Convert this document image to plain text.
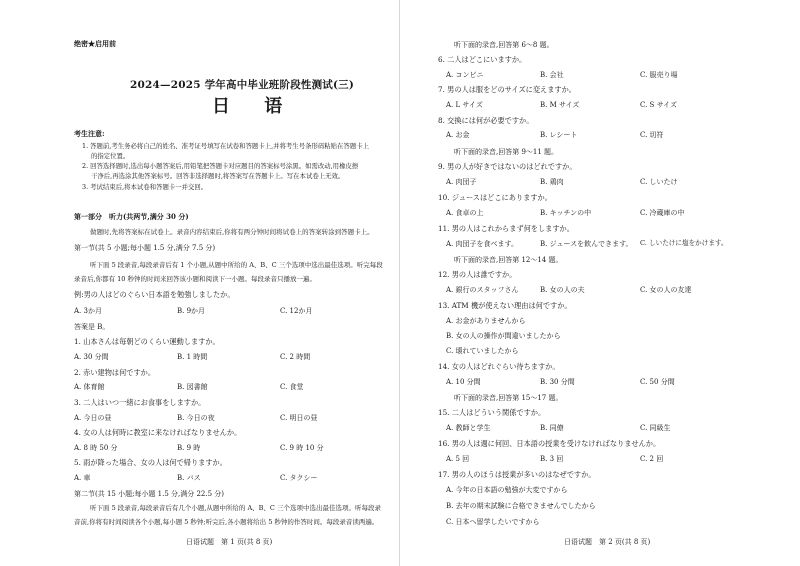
绝密★启用前
2024—2025 学年高中毕业班阶段性测试(三)
日 语
考生注意:
1. 答题前,考生务必将自己的姓名、准考证号填写在试卷和答题卡上,并将考生号条形码粘贴在答题卡上
的指定位置。
2. 回答选择题时,选出每小题答案后,用铅笔把答题卡对应题目的答案标号涂黑。如需改动,用橡皮擦
干净后,再选涂其他答案标号。回答非选择题时,将答案写在答题卡上。写在本试卷上无效。
3. 考试结束后,将本试卷和答题卡一并交回。
第一部分　听力(共两节,满分 30 分)
做题时,先将答案标在试卷上。录音内容结束后,你将有两分钟时间将试卷上的答案转涂到答题卡上。
第一节(共 5 小题;每小题 1.5 分,满分 7.5 分)
听下面 5 段录音,每段录音后有 1 个小题,从题中所给的 A、B、C 三个选项中选出最佳选项。听完每段
录音后,你都有 10 秒钟的时间来回答该小题和阅读下一小题。每段录音只播放一遍。
例:男の人はどのぐらい日本語を勉強しましたか。
A. 3か月	B. 9か月	C. 12か月
答案是 B。
1. 山本さんは毎朝どのくらい運動しますか。
A. 30 分間	B. 1 時間	C. 2 時間
2. 赤い建物は何ですか。
A. 体育館	B. 図書館	C. 食堂
3. 二人はいつ一緒にお食事をしますか。
A. 今日の昼	B. 今日の夜	C. 明日の昼
4. 女の人は何時に教室に来なければなりませんか。
A. 8 時 50 分	B. 9 時	C. 9 時 10 分
5. 雨が降った場合、女の人は何で帰りますか。
A. 車	B. バス	C. タクシー
第二节(共 15 小题;每小题 1.5 分,满分 22.5 分)
听下面 5 段录音,每段录音后有几个小题,从题中所给的 A、B、C 三个选项中选出最佳选项。听每段录
音前,你将有时间阅读各个小题,每小题 5 秒钟;听完后,各小题将给出 5 秒钟的作答时间。每段录音读两遍。
日语试题　第 1 页(共 8 页)
听下面的录音,回答第 6～8 题。
6. 二人はどこにいますか。
A. コンビニ	B. 会社	C. 服売り場
7. 男の人は服をどのサイズに変えますか。
A. L サイズ	B. M サイズ	C. S サイズ
8. 交換には何が必要ですか。
A. お金	B. レシート	C. 切符
听下面的录音,回答第 9～11 题。
9. 男の人が好きではないのはどれですか。
A. 肉団子	B. 鶏肉	C. しいたけ
10. ジュースはどこにありますか。
A. 食卓の上	B. キッチンの中	C. 冷蔵庫の中
11. 男の人はこれからまず何をしますか。
A. 肉団子を食べます。	B. ジュースを飲んできます。 C. しいたけに塩をかけます。
听下面的录音,回答第 12～14 题。
12. 男の人は誰ですか。
A. 銀行のスタッフさん	B. 女の人の夫	C. 女の人の友達
13. ATM 機が使えない理由は何ですか。
A. お金がありませんから
B. 女の人の操作が間違いましたから
C. 壊れていましたから
14. 女の人はどれぐらい待ちますか。
A. 10 分間	B. 30 分間	C. 50 分間
听下面的录音,回答第 15～17 题。
15. 二人はどういう関係ですか。
A. 教師と学生	B. 同僚	C. 同級生
16. 男の人は週に何回、日本語の授業を受けなければなりませんか。
A. 5 回	B. 3 回	C. 2 回
17. 男の人のほうは授業が多いのはなぜですか。
A. 今年の日本語の勉強が大変ですから
B. 去年の期末試験に合格できませんでしたから
C. 日本へ留学したいですから
日语试题　第 2 页(共 8 页)
